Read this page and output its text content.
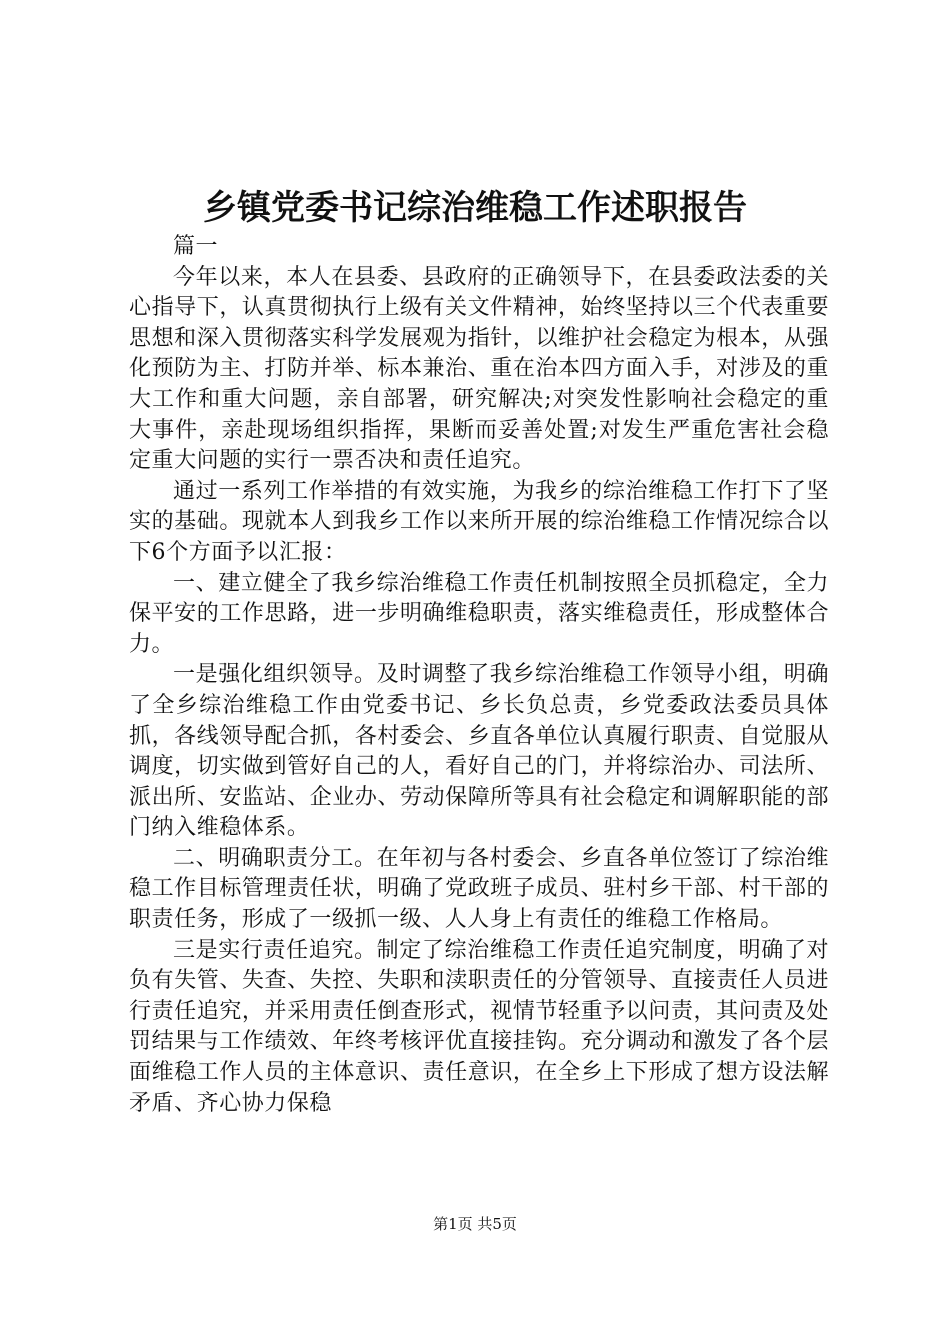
乡镇党委书记综治维稳工作述职报告

篇一

今年以来，本人在县委、县政府的正确领导下，在县委政法委的关心指导下，认真贯彻执行上级有关文件精神，始终坚持以三个代表重要思想和深入贯彻落实科学发展观为指针，以维护社会稳定为根本，从强化预防为主、打防并举、标本兼治、重在治本四方面入手，对涉及的重大工作和重大问题，亲自部署，研究解决;对突发性影响社会稳定的重大事件，亲赴现场组织指挥，果断而妥善处置;对发生严重危害社会稳定重大问题的实行一票否决和责任追究。

通过一系列工作举措的有效实施，为我乡的综治维稳工作打下了坚实的基础。现就本人到我乡工作以来所开展的综治维稳工作情况综合以下6个方面予以汇报：

一、建立健全了我乡综治维稳工作责任机制按照全员抓稳定，全力保平安的工作思路，进一步明确维稳职责，落实维稳责任，形成整体合力。

一是强化组织领导。及时调整了我乡综治维稳工作领导小组，明确了全乡综治维稳工作由党委书记、乡长负总责，乡党委政法委员具体抓，各线领导配合抓，各村委会、乡直各单位认真履行职责、自觉服从调度，切实做到管好自己的人，看好自己的门，并将综治办、司法所、派出所、安监站、企业办、劳动保障所等具有社会稳定和调解职能的部门纳入维稳体系。

二、明确职责分工。在年初与各村委会、乡直各单位签订了综治维稳工作目标管理责任状，明确了党政班子成员、驻村乡干部、村干部的职责任务，形成了一级抓一级、人人身上有责任的维稳工作格局。

三是实行责任追究。制定了综治维稳工作责任追究制度，明确了对负有失管、失查、失控、失职和渎职责任的分管领导、直接责任人员进行责任追究，并采用责任倒查形式，视情节轻重予以问责，其问责及处罚结果与工作绩效、年终考核评优直接挂钩。充分调动和激发了各个层面维稳工作人员的主体意识、责任意识，在全乡上下形成了想方设法解矛盾、齐心协力保稳

第1页 共5页
